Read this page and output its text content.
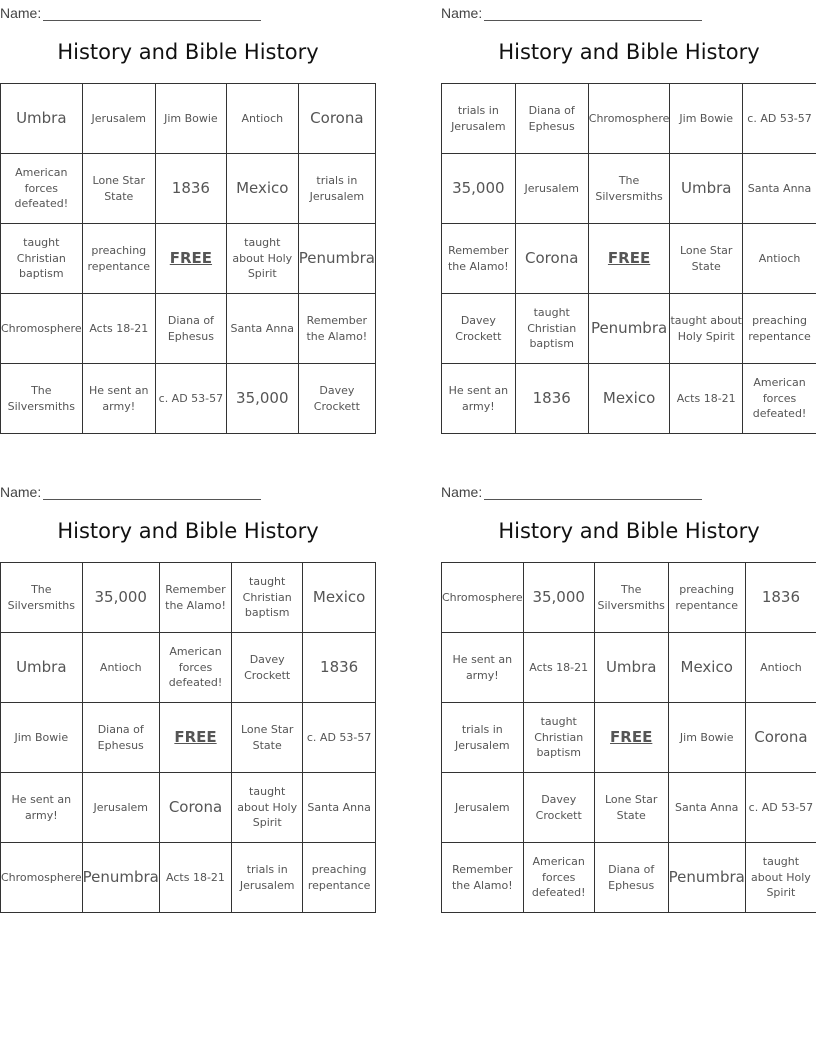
Name:
History and Bible History
Umbra	Jerusalem	Jim Bowie	Antioch	Corona
American forces defeated!	Lone Star State	1836	Mexico	trials in Jerusalem
taught Christian baptism	preaching repentance	FREE	taught about Holy Spirit	Penumbra
Chromosphere	Acts 18-21	Diana of Ephesus	Santa Anna	Remember the Alamo!
The Silversmiths	He sent an army!	c. AD 53-57	35,000	Davey Crockett
Name:
History and Bible History
trials in Jerusalem	Diana of Ephesus	Chromosphere	Jim Bowie	c. AD 53-57
35,000	Jerusalem	The Silversmiths	Umbra	Santa Anna
Remember the Alamo!	Corona	FREE	Lone Star State	Antioch
Davey Crockett	taught Christian baptism	Penumbra	taught about Holy Spirit	preaching repentance
He sent an army!	1836	Mexico	Acts 18-21	American forces defeated!
Name:
History and Bible History
The Silversmiths	35,000	Remember the Alamo!	taught Christian baptism	Mexico
Umbra	Antioch	American forces defeated!	Davey Crockett	1836
Jim Bowie	Diana of Ephesus	FREE	Lone Star State	c. AD 53-57
He sent an army!	Jerusalem	Corona	taught about Holy Spirit	Santa Anna
Chromosphere	Penumbra	Acts 18-21	trials in Jerusalem	preaching repentance
Name:
History and Bible History
Chromosphere	35,000	The Silversmiths	preaching repentance	1836
He sent an army!	Acts 18-21	Umbra	Mexico	Antioch
trials in Jerusalem	taught Christian baptism	FREE	Jim Bowie	Corona
Jerusalem	Davey Crockett	Lone Star State	Santa Anna	c. AD 53-57
Remember the Alamo!	American forces defeated!	Diana of Ephesus	Penumbra	taught about Holy Spirit
